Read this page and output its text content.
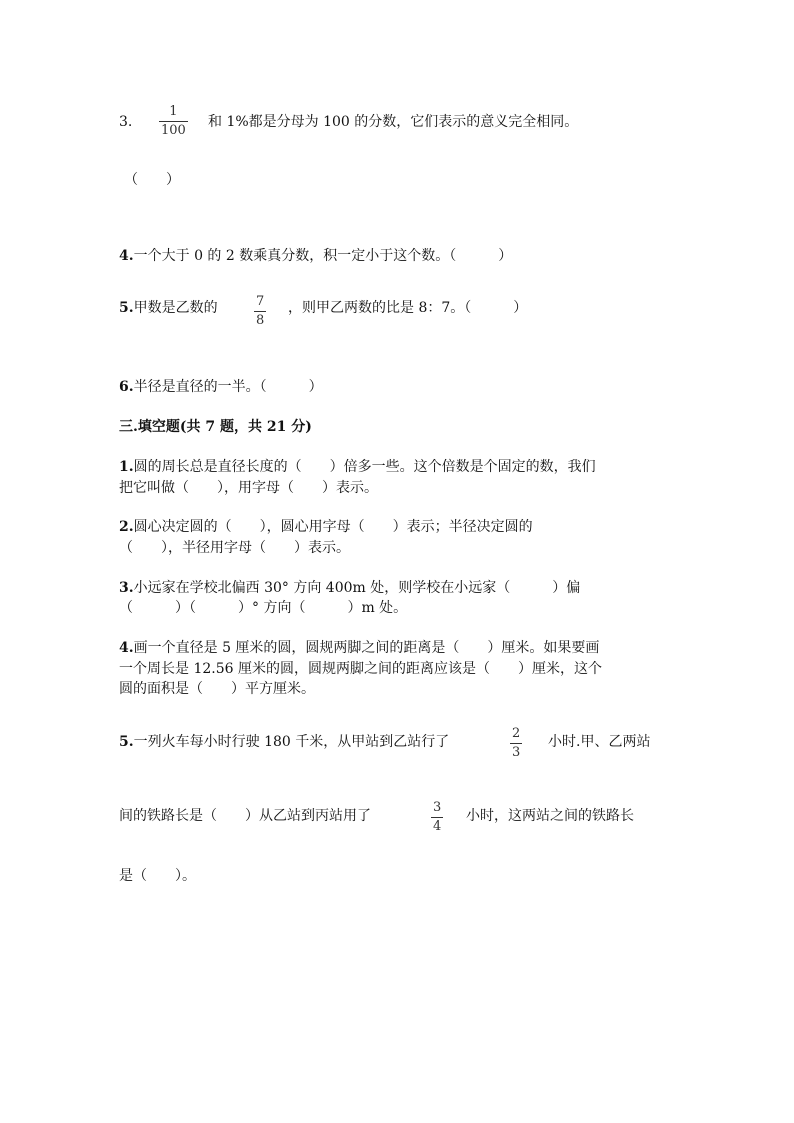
3.
1
100
和 1%都是分母为 100 的分数，它们表示的意义完全相同。
（　　）
4.一个大于 0 的 2 数乘真分数，积一定小于这个数。（　　　）
5.甲数是乙数的	7
8
，则甲乙两数的比是 8：7。（　　　）
6.半径是直径的一半。（　　　）
三.填空题(共 7 题，共 21 分)
1.圆的周长总是直径长度的（　　）倍多一些。这个倍数是个固定的数，我们
把它叫做（　　），用字母（　　）表示。
2.圆心决定圆的（　　），圆心用字母（　　）表示；半径决定圆的
（　　），半径用字母（　　）表示。
3.小远家在学校北偏西 30° 方向 400m 处，则学校在小远家（　　　）偏
（　　　）（　　　）° 方向（　　　）m 处。
4.画一个直径是 5 厘米的圆，圆规两脚之间的距离是（　　）厘米。如果要画
一个周长是 12.56 厘米的圆，圆规两脚之间的距离应该是（　　）厘米，这个
圆的面积是（　　）平方厘米。
5.一列火车每小时行驶 180 千米，从甲站到乙站行了
2
3
小时.甲、乙两站
间的铁路长是（　　）从乙站到丙站用了
3
4
小时，这两站之间的铁路长
是（　　）。
